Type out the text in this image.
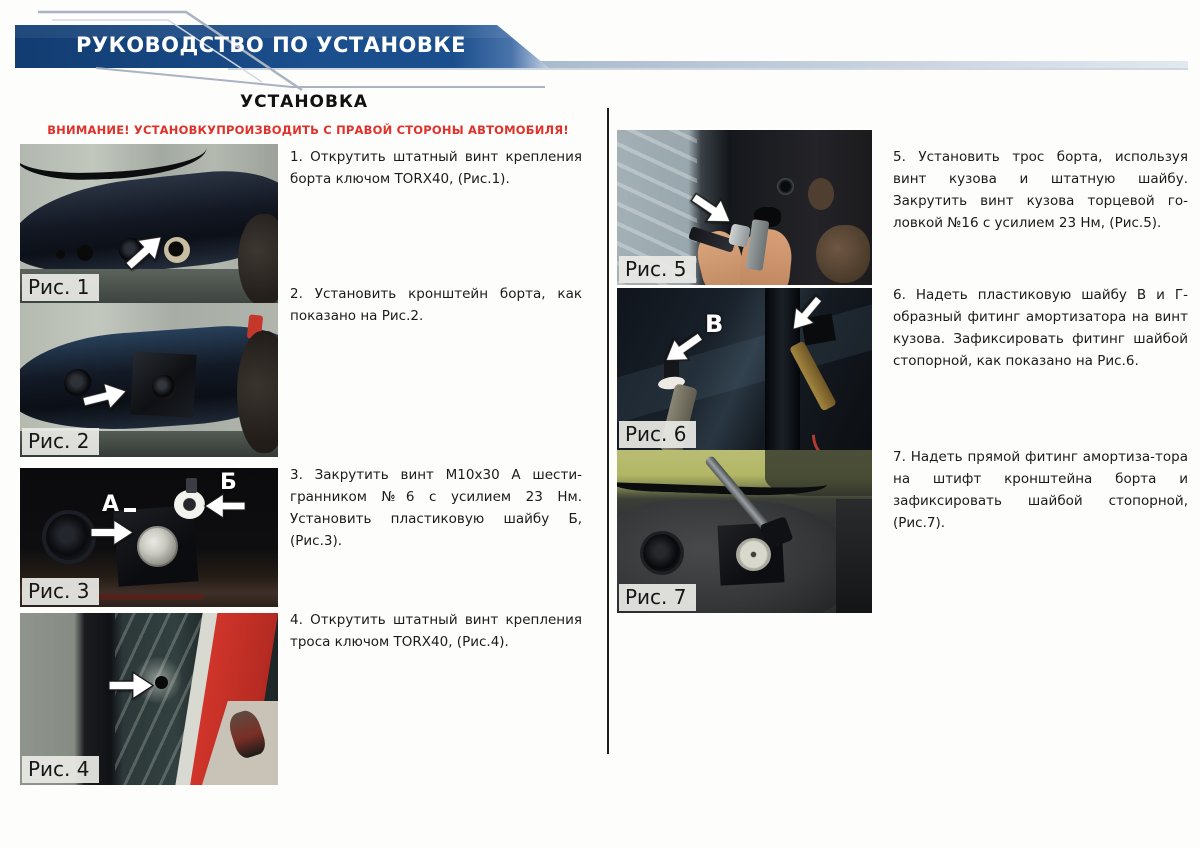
РУКОВОДСТВО ПО УСТАНОВКЕ
УСТАНОВКА
ВНИМАНИЕ! УСТАНОВКУПРОИЗВОДИТЬ С ПРАВОЙ СТОРОНЫ АВТОМОБИЛЯ!
1. Открутить штатный винт крепления борта ключом TORX40, (Рис.1).
2. Установить кронштейн борта, как показано на Рис.2.
3. Закрутить винт М10х30 А шести-гранником №6 с усилием 23 Нм. Установить пластиковую шайбу Б, (Рис.3).
4. Открутить штатный винт крепления троса ключом TORX40, (Рис.4).
5. Установить трос борта, используя винт кузова и штатную шайбу. Закрутить винт кузова торцевой го-ловкой №16 с усилием 23 Нм, (Рис.5).
6. Надеть пластиковую шайбу В и Г-образный фитинг амортизатора на винт кузова. Зафиксировать фитинг шайбой стопорной, как показано на Рис.6.
7. Надеть прямой фитинг амортиза-тора на штифт кронштейна борта и зафиксировать шайбой стопорной, (Рис.7).
Рис. 1
Рис. 2
А
Б
Рис. 3
Рис. 4
Рис. 5
В
Рис. 6
Рис. 7
